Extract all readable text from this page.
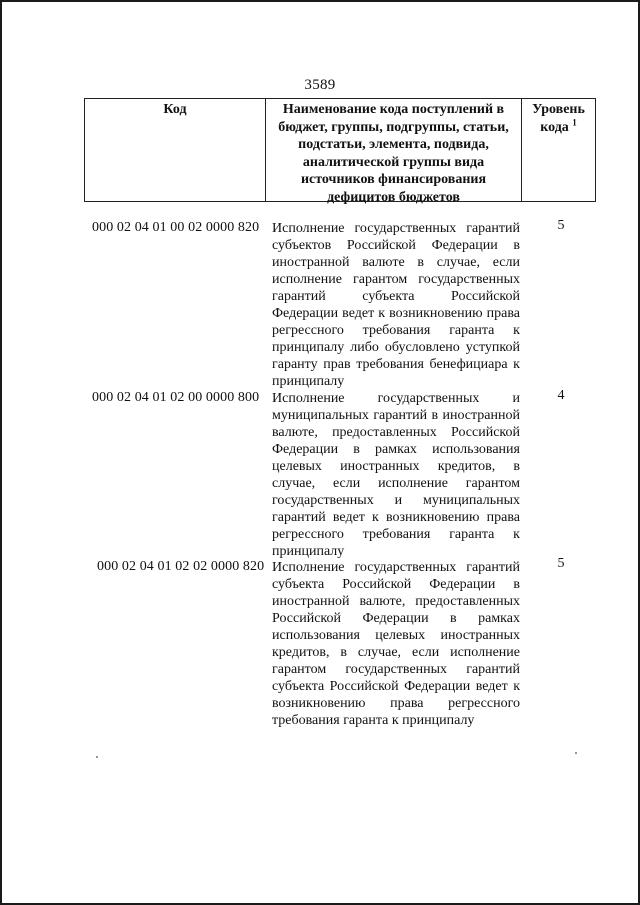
3589
Код	Наименование кода поступлений в бюджет, группы, подгруппы, статьи, подстатьи, элемента, подвида, аналитической группы вида источников финансирования дефицитов бюджетов
Уровень кода $^1$
000 02 04 01 00 02 0000 820 Исполнение государственных гарантий субъектов Российской Федерации в иностранной валюте в случае, если исполнение гарантом государственных гарантий субъекта Российской Федерации ведет к возникновению права регрессного требования гаранта к принципалу либо обусловлено уступкой гаранту прав требования бенефициара к принципалу
5
000 02 04 01 02 00 0000 800 Исполнение государственных и муниципальных гарантий в иностранной валюте, предоставленных Российской Федерации в рамках использования целевых иностранных кредитов, в случае, если исполнение гарантом государственных и муниципальных гарантий ведет к возникновению права регрессного требования гаранта к принципалу
4
000 02 04 01 02 02 0000 820 Исполнение государственных гарантий субъекта Российской Федерации в иностранной валюте, предоставленных Российской Федерации в рамках использования целевых иностранных кредитов, в случае, если исполнение гарантом государственных гарантий субъекта Российской Федерации ведет к возникновению права регрессного требования гаранта к принципалу
5
